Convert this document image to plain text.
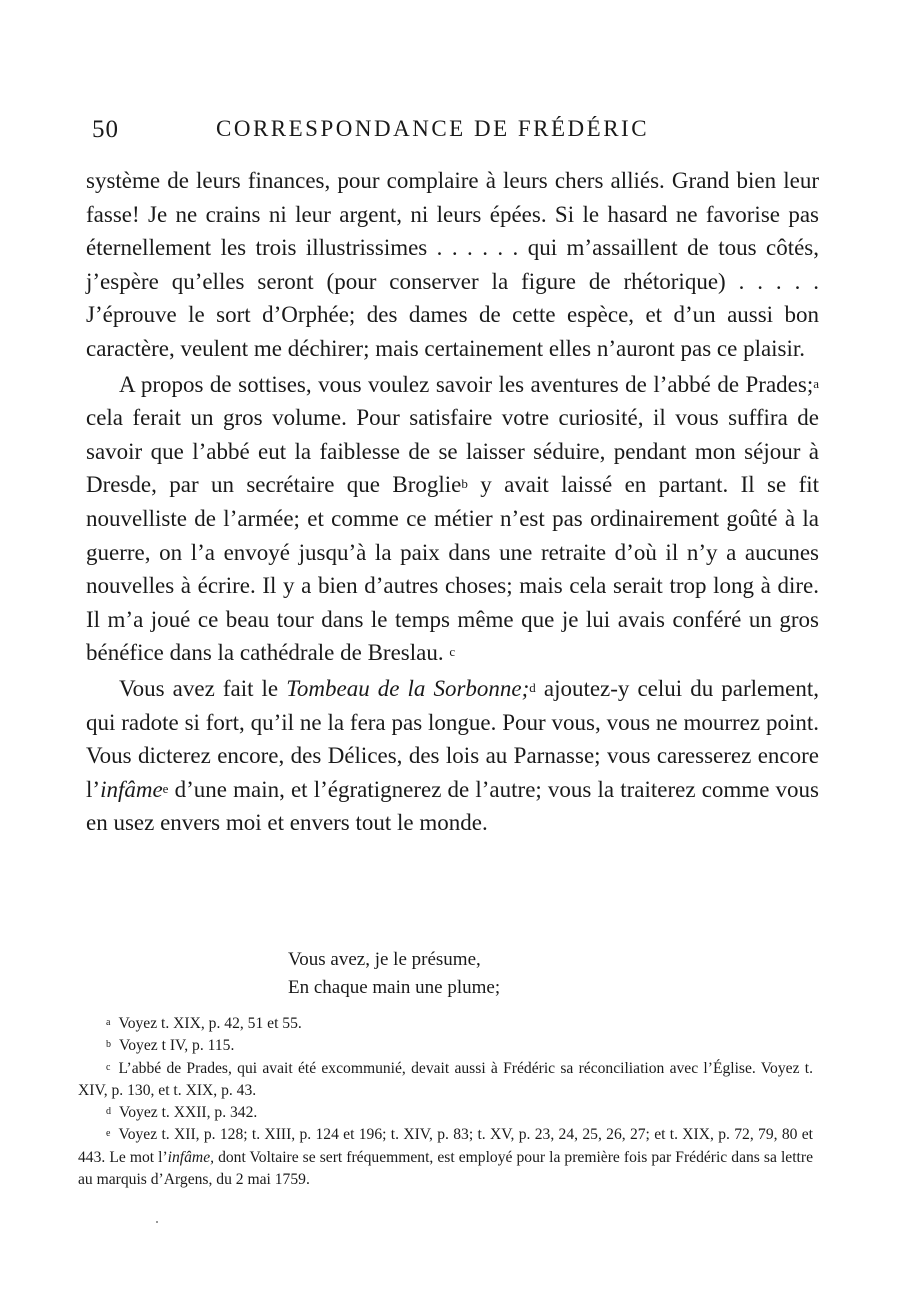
50	CORRESPONDANCE DE FRÉDÉRIC

système de leurs finances, pour complaire à leurs chers alliés. Grand bien leur fasse! Je ne crains ni leur argent, ni leurs épées. Si le hasard ne favorise pas éternellement les trois illustrissimes . . . . . . qui m’assaillent de tous côtés, j’espère qu’elles seront (pour conserver la figure de rhétorique) . . . . . J’éprouve le sort d’Orphée; des dames de cette espèce, et d’un aussi bon caractère, veulent me déchirer; mais certainement elles n’auront pas ce plaisir.

A propos de sottises, vous voulez savoir les aventures de l’abbé de Prades;$^a$ cela ferait un gros volume. Pour satisfaire votre curiosité, il vous suffira de savoir que l’abbé eut la faiblesse de se laisser séduire, pendant mon séjour à Dresde, par un secrétaire que Broglie$^b$ y avait laissé en partant. Il se fit nouvelliste de l’armée; et comme ce métier n’est pas ordinairement goûté à la guerre, on l’a envoyé jusqu’à la paix dans une retraite d’où il n’y a aucunes nouvelles à écrire. Il y a bien d’autres choses; mais cela serait trop long à dire. Il m’a joué ce beau tour dans le temps même que je lui avais conféré un gros bénéfice dans la cathédrale de Breslau. $^c$

Vous avez fait le Tombeau de la Sorbonne;$^d$ ajoutez-y celui du parlement, qui radote si fort, qu’il ne la fera pas longue. Pour vous, vous ne mourrez point. Vous dicterez encore, des Délices, des lois au Parnasse; vous caresserez encore l’infâme$^e$ d’une main, et l’égratignerez de l’autre; vous la traiterez comme vous en usez envers moi et envers tout le monde.

Vous avez, je le présume,
En chaque main une plume;
$^a$ Voyez t. XIX, p. 42, 51 et 55.
$^b$ Voyez t IV, p. 115.
$^c$ L’abbé de Prades, qui avait été excommunié, devait aussi à Frédéric sa réconciliation avec l’Église. Voyez t. XIV, p. 130, et t. XIX, p. 43.
$^d$ Voyez t. XXII, p. 342.
$^e$ Voyez t. XII, p. 128; t. XIII, p. 124 et 196; t. XIV, p. 83; t. XV, p. 23, 24, 25, 26, 27; et t. XIX, p. 72, 79, 80 et 443. Le mot l’infâme, dont Voltaire se sert fréquemment, est employé pour la première fois par Frédéric dans sa lettre au marquis d’Argens, du 2 mai 1759.
